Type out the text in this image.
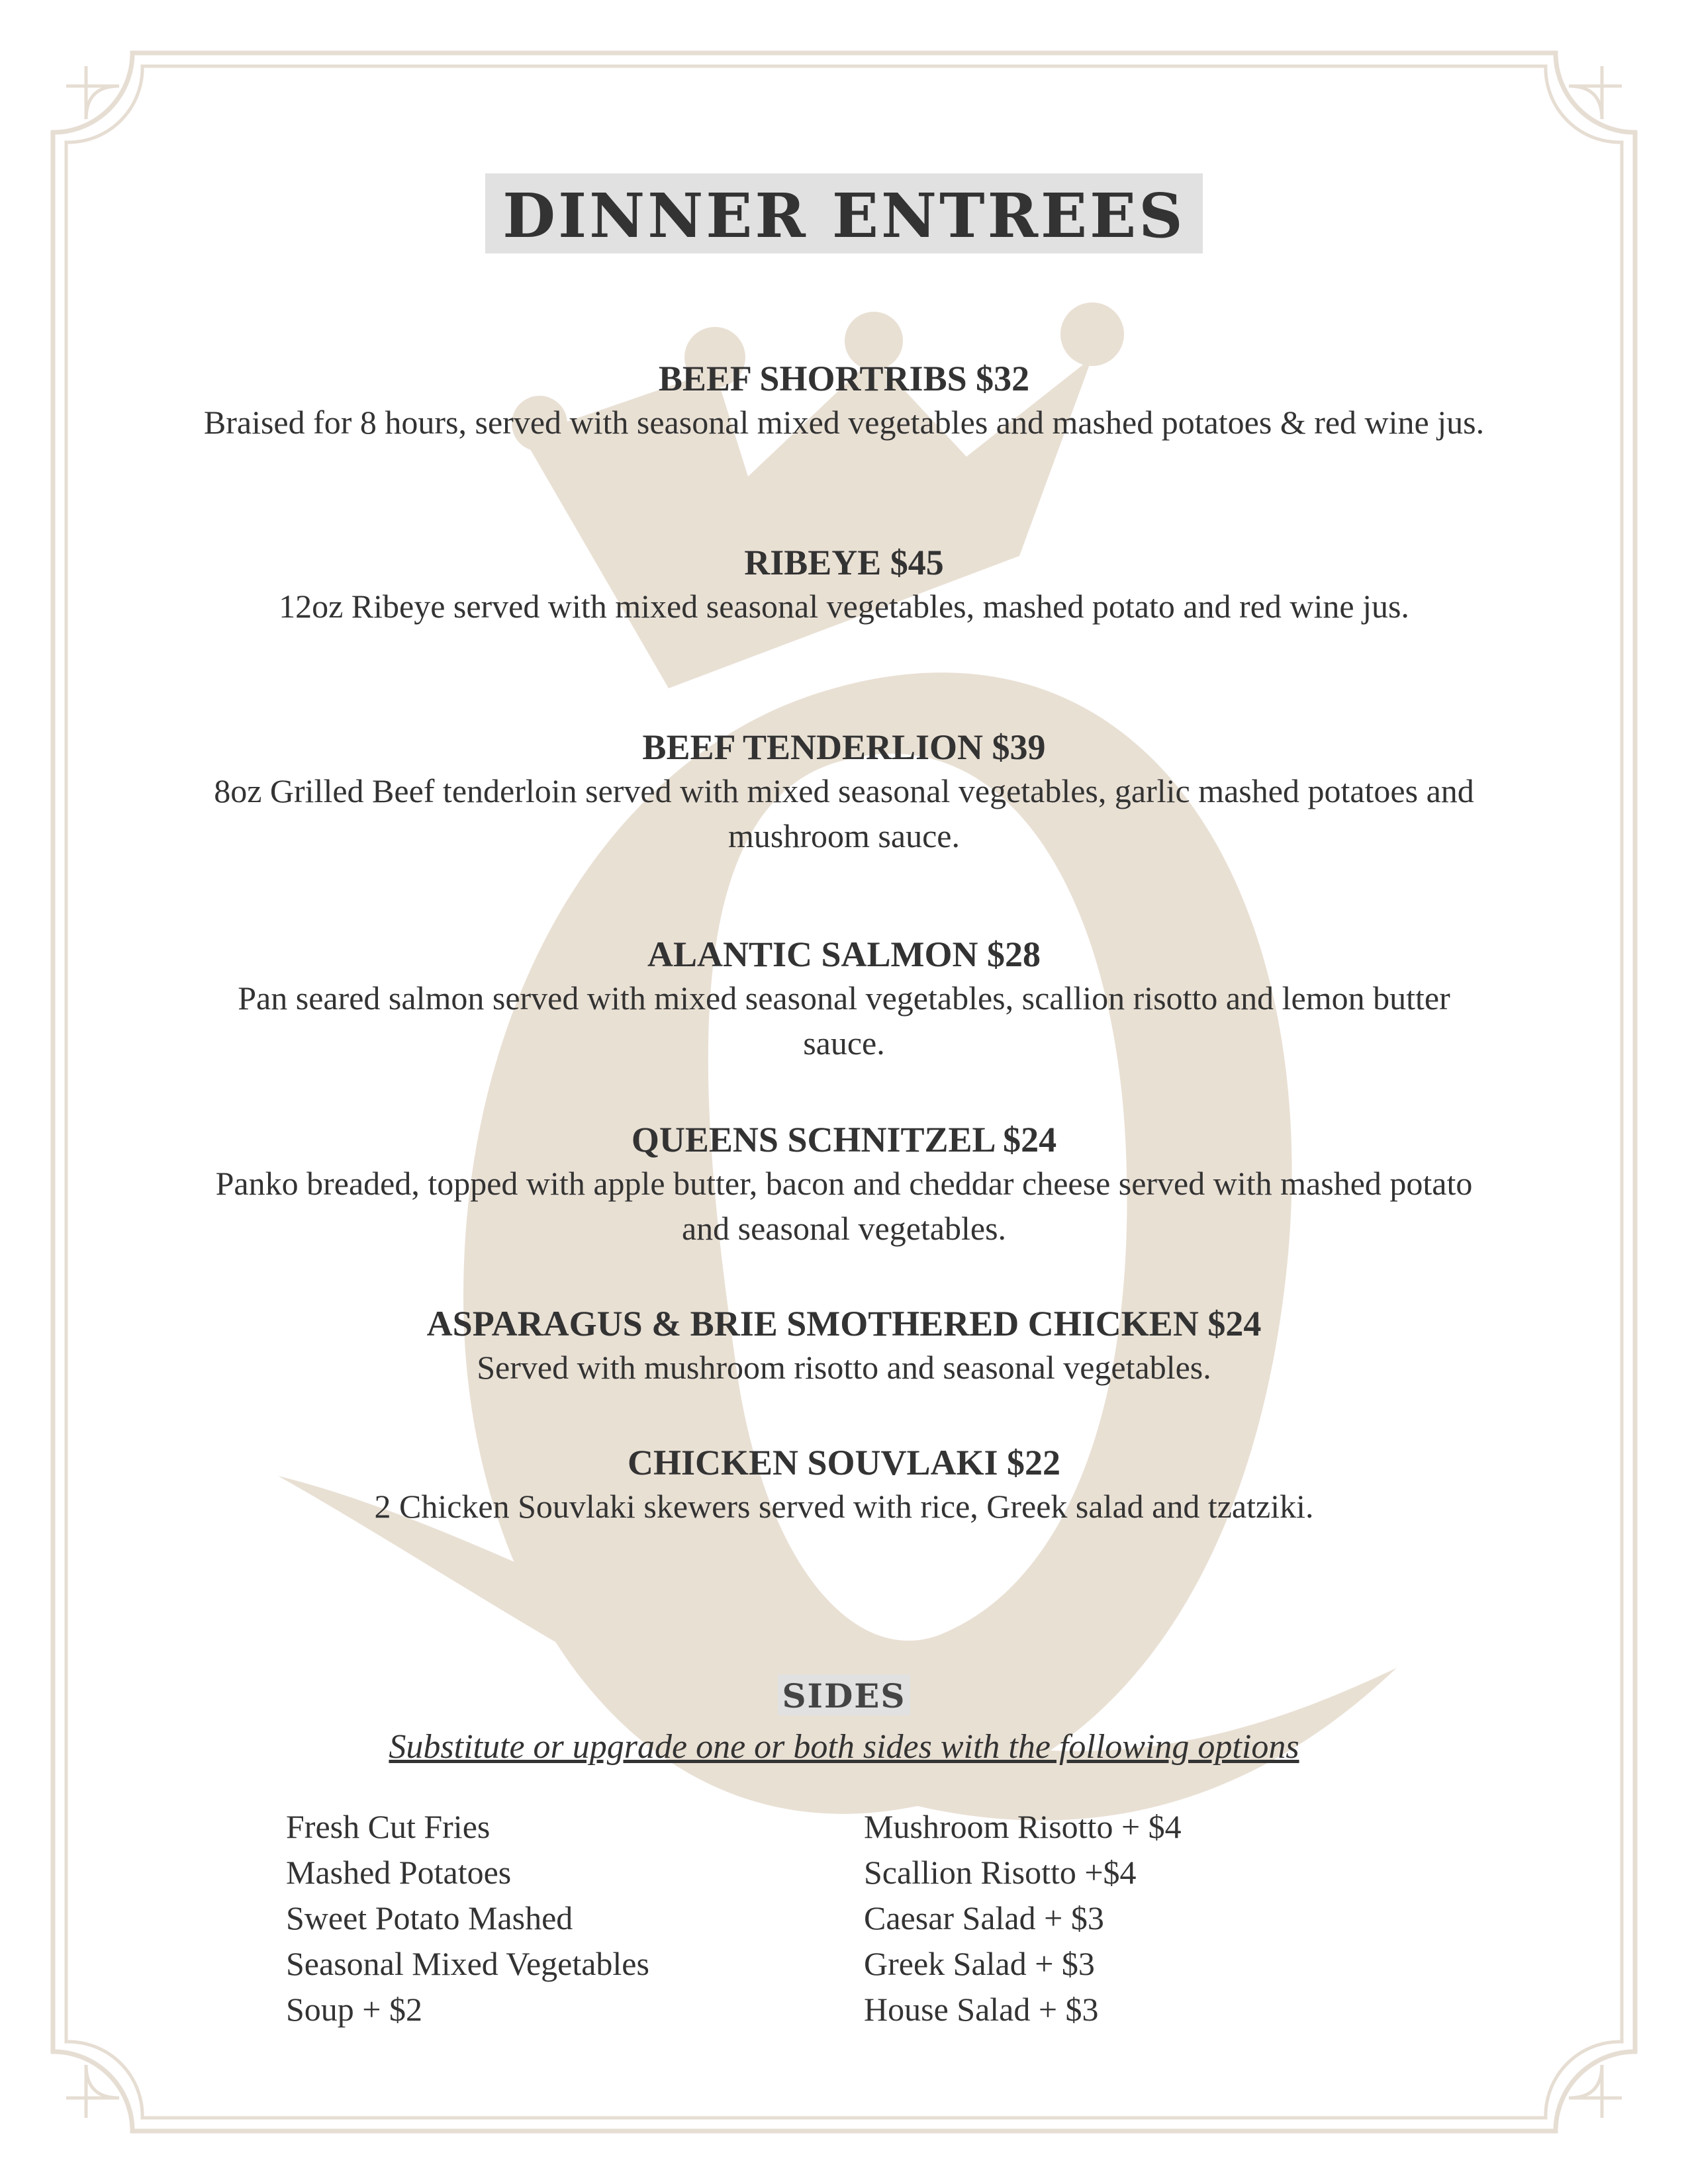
DINNER ENTREES
BEEF SHORTRIBS $32
Braised for 8 hours, served with seasonal mixed vegetables and mashed potatoes & red wine jus.
RIBEYE $45
12oz Ribeye served with mixed seasonal vegetables, mashed potato and red wine jus.
BEEF TENDERLION $39
8oz Grilled Beef tenderloin served with mixed seasonal vegetables, garlic mashed potatoes and mushroom sauce.
ALANTIC SALMON $28
Pan seared salmon served with mixed seasonal vegetables, scallion risotto and lemon butter sauce.
QUEENS SCHNITZEL $24
Panko breaded, topped with apple butter, bacon and cheddar cheese served with mashed potato and seasonal vegetables.
ASPARAGUS & BRIE SMOTHERED CHICKEN $24
Served with mushroom risotto and seasonal vegetables.
CHICKEN SOUVLAKI $22
2 Chicken Souvlaki skewers served with rice, Greek salad and tzatziki.
SIDES
Substitute or upgrade one or both sides with the following options
Fresh Cut Fries
Mashed Potatoes
Sweet Potato Mashed
Seasonal Mixed Vegetables
Soup + $2
Mushroom Risotto + $4
Scallion Risotto +$4
Caesar Salad + $3
Greek Salad + $3
House Salad + $3
